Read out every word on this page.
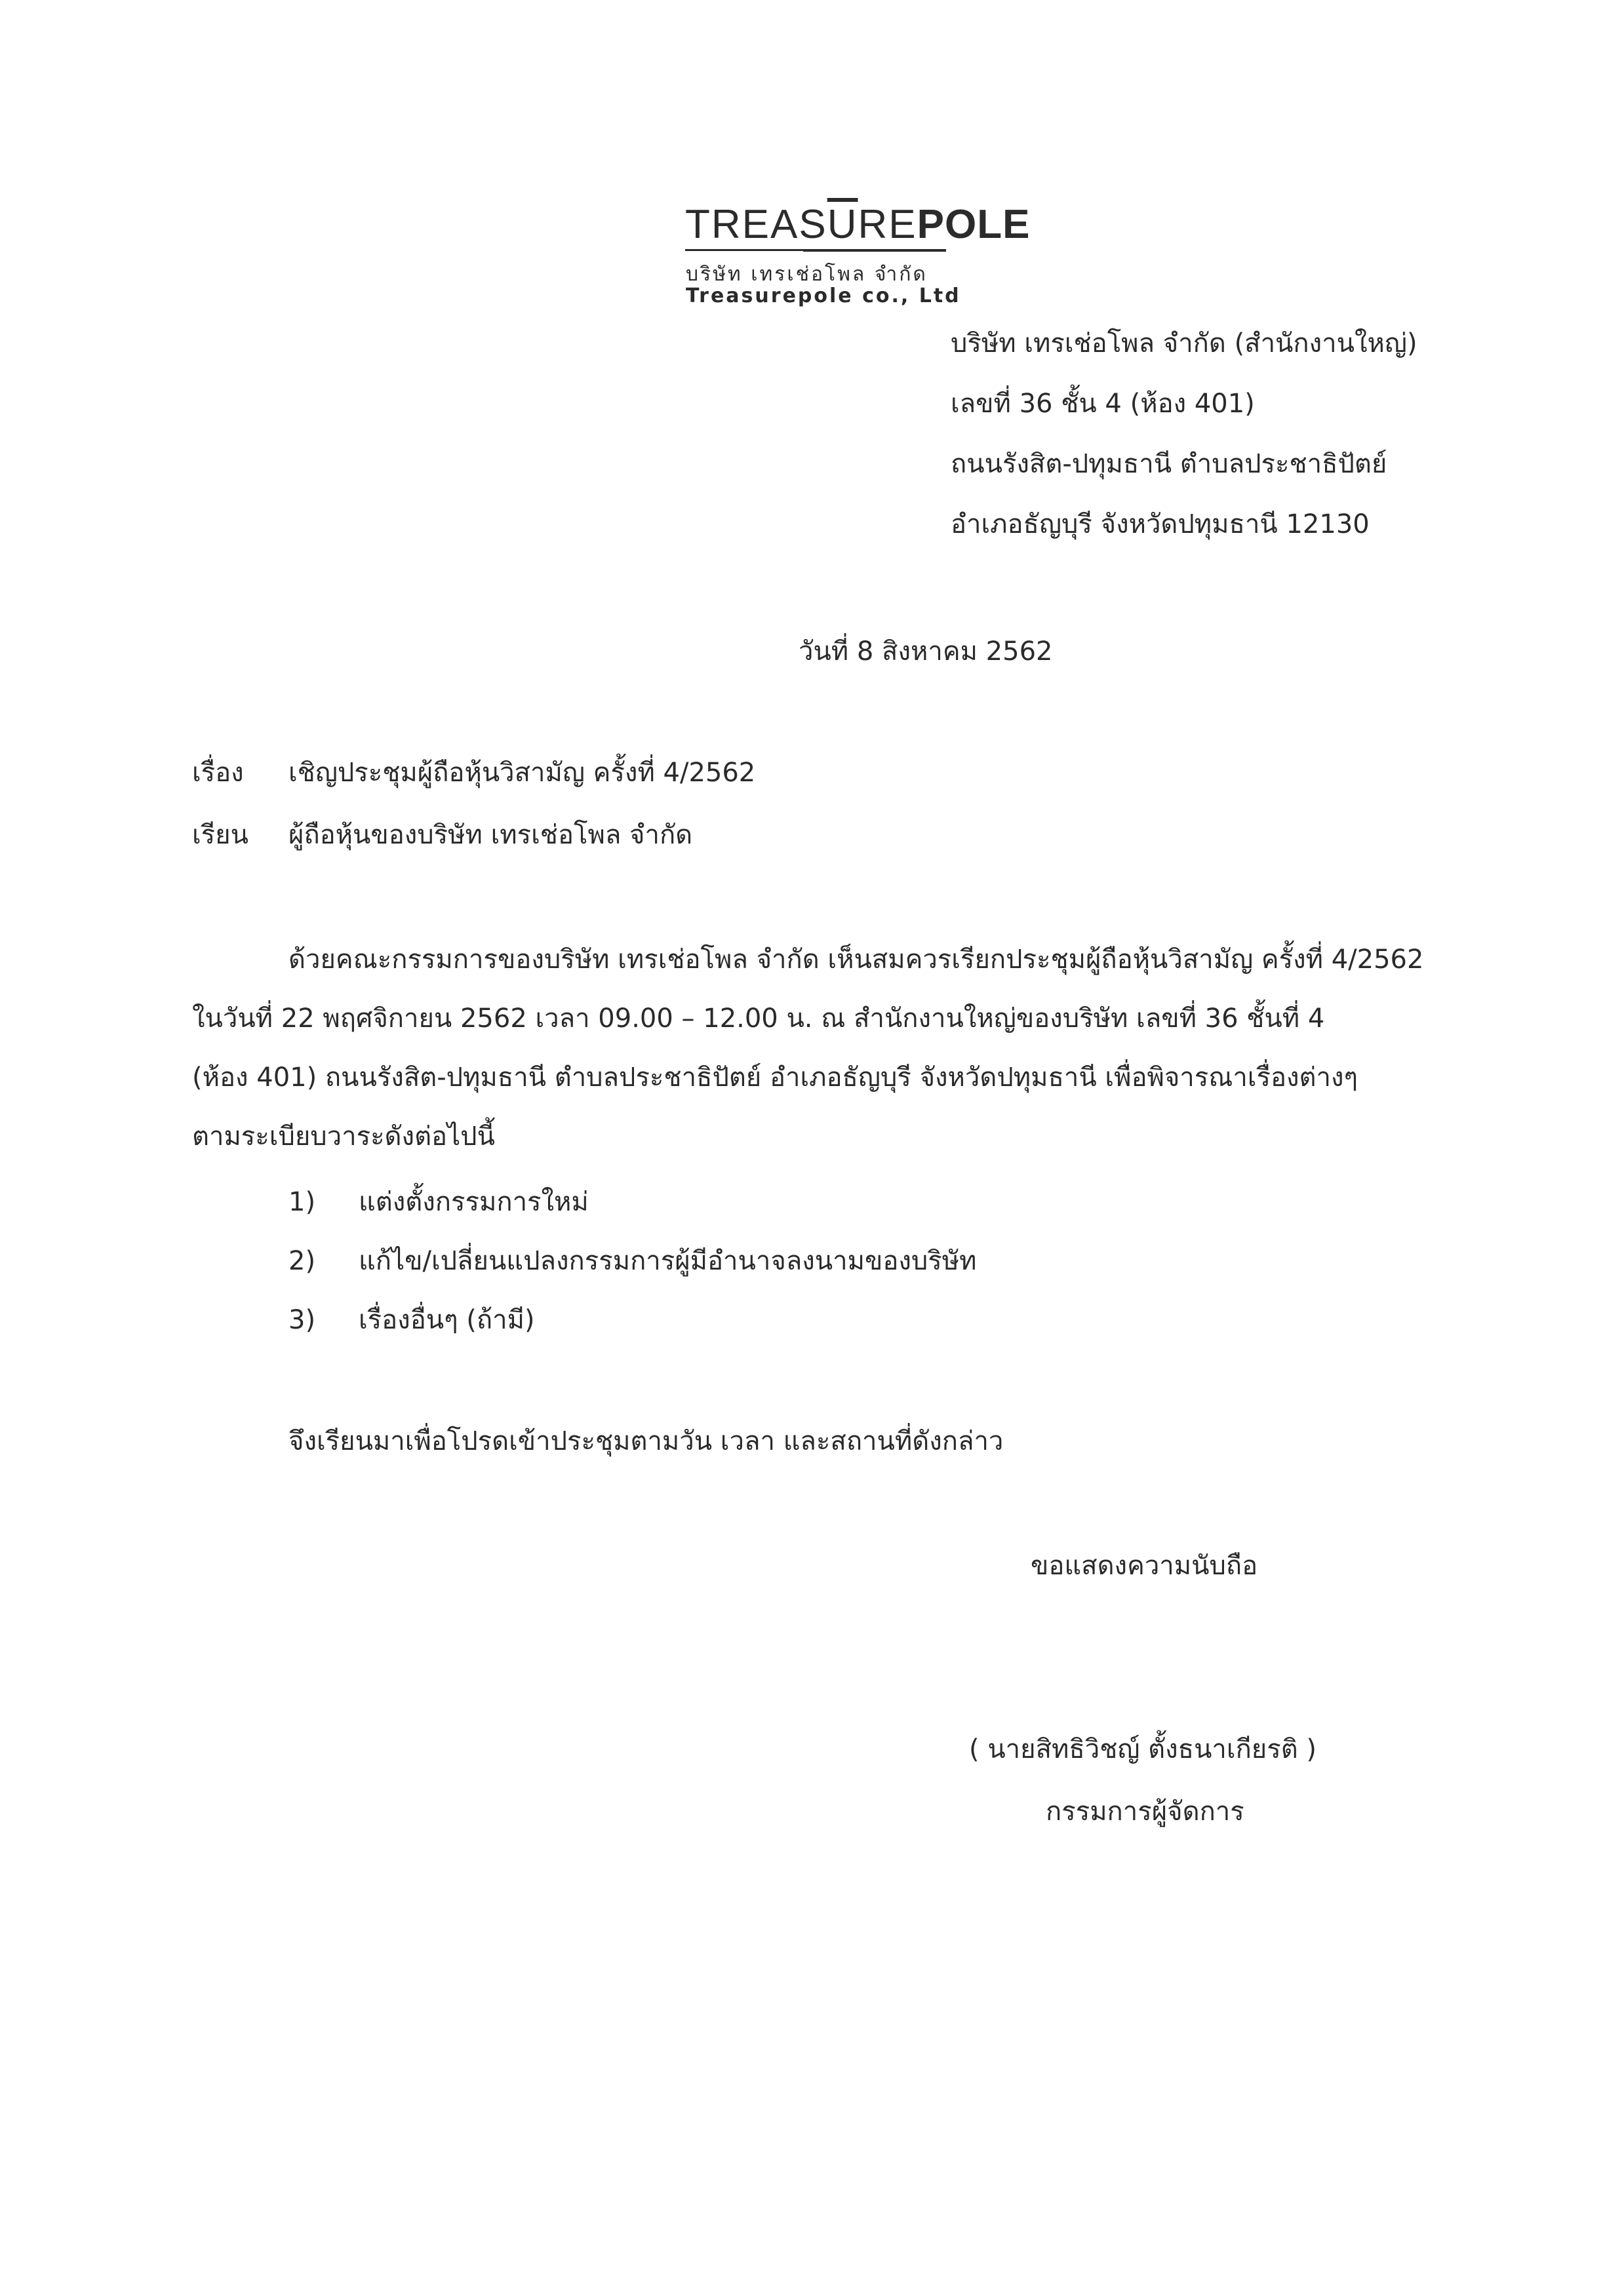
$TREAS\overline{U}REPOLE$
บริษัท เทรเช่อโพล จำกัด
Treasurepole co., Ltd
บริษัท เทรเช่อโพล จำกัด (สำนักงานใหญ่)
เลขที่ 36 ชั้น 4 (ห้อง 401)
ถนนรังสิต-ปทุมธานี ตำบลประชาธิปัตย์
อำเภอธัญบุรี จังหวัดปทุมธานี 12130
วันที่ 8 สิงหาคม 2562
เรื่อง เชิญประชุมผู้ถือหุ้นวิสามัญ ครั้งที่ 4/2562
เรียน ผู้ถือหุ้นของบริษัท เทรเช่อโพล จำกัด
ด้วยคณะกรรมการของบริษัท เทรเช่อโพล จำกัด เห็นสมควรเรียกประชุมผู้ถือหุ้นวิสามัญ ครั้งที่ 4/2562
ในวันที่ 22 พฤศจิกายน 2562 เวลา 09.00 – 12.00 น. ณ สำนักงานใหญ่ของบริษัท เลขที่ 36 ชั้นที่ 4
(ห้อง 401) ถนนรังสิต-ปทุมธานี ตำบลประชาธิปัตย์ อำเภอธัญบุรี จังหวัดปทุมธานี เพื่อพิจารณาเรื่องต่างๆ
ตามระเบียบวาระดังต่อไปนี้
1) แต่งตั้งกรรมการใหม่
2) แก้ไข/เปลี่ยนแปลงกรรมการผู้มีอำนาจลงนามของบริษัท
3) เรื่องอื่นๆ (ถ้ามี)
จึงเรียนมาเพื่อโปรดเข้าประชุมตามวัน เวลา และสถานที่ดังกล่าว
ขอแสดงความนับถือ
( นายสิทธิวิชญ์ ตั้งธนาเกียรติ )
กรรมการผู้จัดการ
